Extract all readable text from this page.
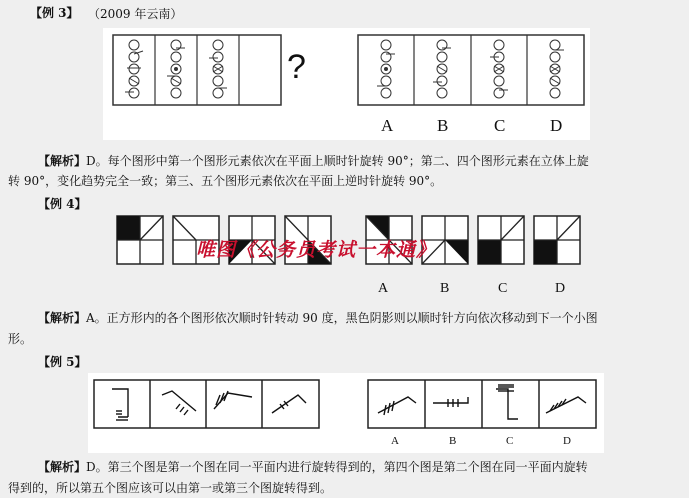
【例 3】 （2009 年云南）
?
A	B	C	D
【解析】D。每个图形中第一个图形元素依次在平面上顺时针旋转 90°；第二、四个图形元素在立体上旋
转 90°，变化趋势完全一致；第三、五个图形元素依次在平面上逆时针旋转 90°。
【例 4】
唯图《公务员考试一本通》
A	B	C	D
【解析】A。正方形内的各个图形依次顺时针转动 90 度，黑色阴影则以顺时针方向依次移动到下一个小图
形。
【例 5】
A	B	C	D
【解析】D。第三个图是第一个图在同一平面内进行旋转得到的，第四个图是第二个图在同一平面内旋转
得到的，所以第五个图应该可以由第一或第三个图旋转得到。
